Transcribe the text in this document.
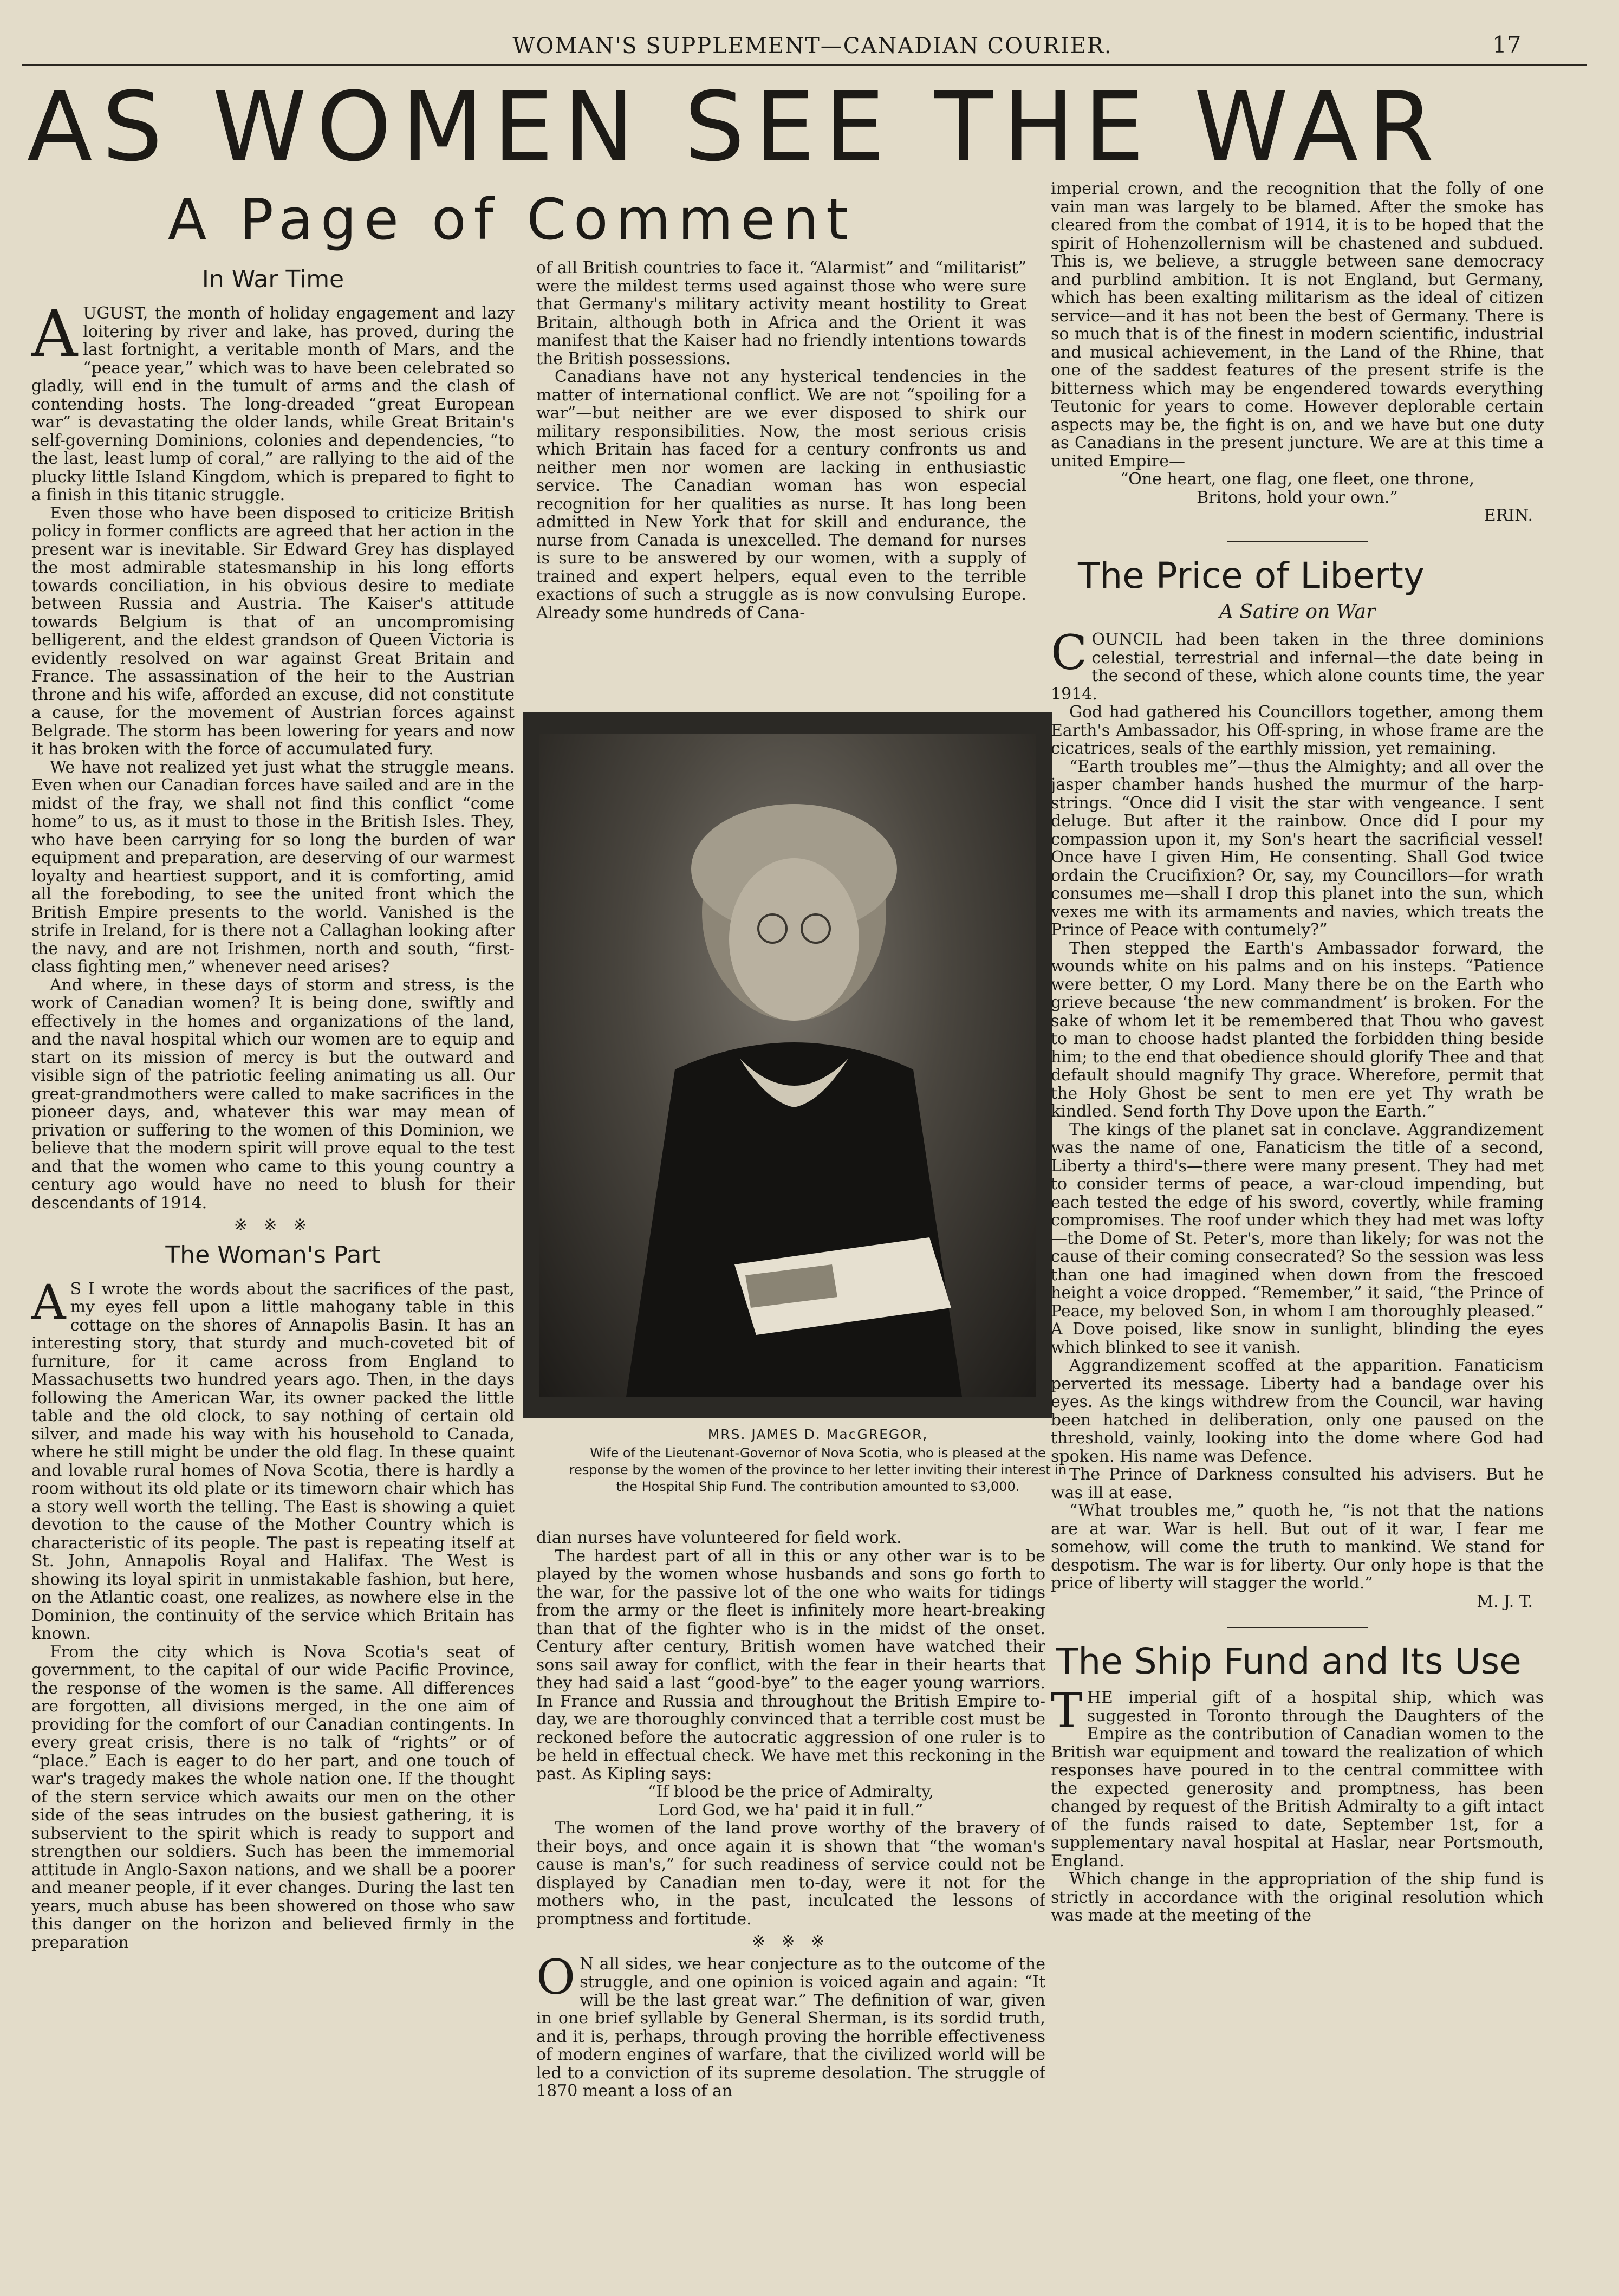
WOMAN'S SUPPLEMENT—CANADIAN COURIER.	17
AS WOMEN SEE THE WAR
A Page of Comment
In War Time

AUGUST, the month of holiday engagement and lazy loitering by river and lake, has proved, during the last fortnight, a veritable month of Mars, and the “peace year,” which was to have been celebrated so gladly, will end in the tumult of arms and the clash of contending hosts. The long-dreaded “great European war” is devastating the older lands, while Great Britain's self-governing Dominions, colonies and dependencies, “to the last, least lump of coral,” are rallying to the aid of the plucky little Island Kingdom, which is prepared to fight to a finish in this titanic struggle.

Even those who have been disposed to criticize British policy in former conflicts are agreed that her action in the present war is inevitable. Sir Edward Grey has displayed the most admirable statesmanship in his long efforts towards conciliation, in his obvious desire to mediate between Russia and Austria. The Kaiser's attitude towards Belgium is that of an uncompromising belligerent, and the eldest grandson of Queen Victoria is evidently resolved on war against Great Britain and France. The assassination of the heir to the Austrian throne and his wife, afforded an excuse, did not constitute a cause, for the movement of Austrian forces against Belgrade. The storm has been lowering for years and now it has broken with the force of accumulated fury.

We have not realized yet just what the struggle means. Even when our Canadian forces have sailed and are in the midst of the fray, we shall not find this conflict “come home” to us, as it must to those in the British Isles. They, who have been carrying for so long the burden of war equipment and preparation, are deserving of our warmest loyalty and heartiest support, and it is comforting, amid all the foreboding, to see the united front which the British Empire presents to the world. Vanished is the strife in Ireland, for is there not a Callaghan looking after the navy, and are not Irishmen, north and south, “first-class fighting men,” whenever need arises?

And where, in these days of storm and stress, is the work of Canadian women? It is being done, swiftly and effectively in the homes and organizations of the land, and the naval hospital which our women are to equip and start on its mission of mercy is but the outward and visible sign of the patriotic feeling animating us all. Our great-grandmothers were called to make sacrifices in the pioneer days, and, whatever this war may mean of privation or suffering to the women of this Dominion, we believe that the modern spirit will prove equal to the test and that the women who came to this young country a century ago would have no need to blush for their descendants of 1914.

※ ※ ※
The Woman's Part

A S I wrote the words about the sacrifices of the past, my eyes fell upon a little mahogany table in this cottage on the shores of Annapolis Basin. It has an interesting story, that sturdy and much-coveted bit of furniture, for it came across from England to Massachusetts two hundred years ago. Then, in the days following the American War, its owner packed the little table and the old clock, to say nothing of certain old silver, and made his way with his household to Canada, where he still might be under the old flag. In these quaint and lovable rural homes of Nova Scotia, there is hardly a room without its old plate or its timeworn chair which has a story well worth the telling. The East is showing a quiet devotion to the cause of the Mother Country which is characteristic of its people. The past is repeating itself at St. John, Annapolis Royal and Halifax. The West is showing its loyal spirit in unmistakable fashion, but here, on the Atlantic coast, one realizes, as nowhere else in the Dominion, the continuity of the service which Britain has known.

From the city which is Nova Scotia's seat of government, to the capital of our wide Pacific Province, the response of the women is the same. All differences are forgotten, all divisions merged, in the one aim of providing for the comfort of our Canadian contingents. In every great crisis, there is no talk of “rights” or of “place.” Each is eager to do her part, and one touch of war's tragedy makes the whole nation one. If the thought of the stern service which awaits our men on the other side of the seas intrudes on the busiest gathering, it is subservient to the spirit which is ready to support and strengthen our soldiers. Such has been the immemorial attitude in Anglo-Saxon nations, and we shall be a poorer and meaner people, if it ever changes. During the last ten years, much abuse has been showered on those who saw this danger on the horizon and believed firmly in the preparation

of all British countries to face it. “Alarmist” and “militarist” were the mildest terms used against those who were sure that Germany's military activity meant hostility to Great Britain, although both in Africa and the Orient it was manifest that the Kaiser had no friendly intentions towards the British possessions.

Canadians have not any hysterical tendencies in the matter of international conflict. We are not “spoiling for a war”—but neither are we ever disposed to shirk our military responsibilities. Now, the most serious crisis which Britain has faced for a century confronts us and neither men nor women are lacking in enthusiastic service. The Canadian woman has won especial recognition for her qualities as nurse. It has long been admitted in New York that for skill and endurance, the nurse from Canada is unexcelled. The demand for nurses is sure to be answered by our women, with a supply of trained and expert helpers, equal even to the terrible exactions of such a struggle as is now convulsing Europe. Already some hundreds of Cana-

MRS. JAMES D. MacGREGOR,
Wife of the Lieutenant-Governor of Nova Scotia, who is pleased at the response by the women of the province to her letter inviting their interest in the Hospital Ship Fund. The contribution amounted to $3,000.

dian nurses have volunteered for field work.

The hardest part of all in this or any other war is to be played by the women whose husbands and sons go forth to the war, for the passive lot of the one who waits for tidings from the army or the fleet is infinitely more heart-breaking than that of the fighter who is in the midst of the onset. Century after century, British women have watched their sons sail away for conflict, with the fear in their hearts that they had said a last “good-bye” to the eager young warriors. In France and Russia and throughout the British Empire to-day, we are thoroughly convinced that a terrible cost must be reckoned before the autocratic aggression of one ruler is to be held in effectual check. We have met this reckoning in the past. As Kipling says:

“If blood be the price of Admiralty,

Lord God, we ha' paid it in full.”

The women of the land prove worthy of the bravery of their boys, and once again it is shown that “the woman's cause is man's,” for such readiness of service could not be displayed by Canadian men to-day, were it not for the mothers who, in the past, inculcated the lessons of promptness and fortitude.

※ ※ ※

O N all sides, we hear conjecture as to the outcome of the struggle, and one opinion is voiced again and again: “It will be the last great war.” The definition of war, given in one brief syllable by General Sherman, is its sordid truth, and it is, perhaps, through proving the horrible effectiveness of modern engines of warfare, that the civilized world will be led to a conviction of its supreme desolation. The struggle of 1870 meant a loss of an

imperial crown, and the recognition that the folly of one vain man was largely to be blamed. After the smoke has cleared from the combat of 1914, it is to be hoped that the spirit of Hohenzollernism will be chastened and subdued. This is, we believe, a struggle between sane democracy and purblind ambition. It is not England, but Germany, which has been exalting militarism as the ideal of citizen service—and it has not been the best of Germany. There is so much that is of the finest in modern scientific, industrial and musical achievement, in the Land of the Rhine, that one of the saddest features of the present strife is the bitterness which may be engendered towards everything Teutonic for years to come. However deplorable certain aspects may be, the fight is on, and we have but one duty as Canadians in the present juncture. We are at this time a united Empire—

“One heart, one flag, one fleet, one throne,

Britons, hold your own.”

ERIN.

The Price of Liberty
A Satire on War

COUNCIL had been taken in the three dominions celestial, terrestrial and infernal—the date being in the second of these, which alone counts time, the year 1914.

God had gathered his Councillors together, among them Earth's Ambassador, his Off-spring, in whose frame are the cicatrices, seals of the earthly mission, yet remaining.

“Earth troubles me”—thus the Almighty; and all over the jasper chamber hands hushed the murmur of the harp-strings. “Once did I visit the star with vengeance. I sent deluge. But after it the rainbow. Once did I pour my compassion upon it, my Son's heart the sacrificial vessel! Once have I given Him, He consenting. Shall God twice ordain the Crucifixion? Or, say, my Councillors—for wrath consumes me—shall I drop this planet into the sun, which vexes me with its armaments and navies, which treats the Prince of Peace with contumely?”

Then stepped the Earth's Ambassador forward, the wounds white on his palms and on his insteps. “Patience were better, O my Lord. Many there be on the Earth who grieve because ‘the new commandment’ is broken. For the sake of whom let it be remembered that Thou who gavest to man to choose hadst planted the forbidden thing beside him; to the end that obedience should glorify Thee and that default should magnify Thy grace. Wherefore, permit that the Holy Ghost be sent to men ere yet Thy wrath be kindled. Send forth Thy Dove upon the Earth.”

The kings of the planet sat in conclave. Aggrandizement was the name of one, Fanaticism the title of a second, Liberty a third's—there were many present. They had met to consider terms of peace, a war-cloud impending, but each tested the edge of his sword, covertly, while framing compromises. The roof under which they had met was lofty—the Dome of St. Peter's, more than likely; for was not the cause of their coming consecrated? So the session was less than one had imagined when down from the frescoed height a voice dropped. “Remember,” it said, “the Prince of Peace, my beloved Son, in whom I am thoroughly pleased.” A Dove poised, like snow in sunlight, blinding the eyes which blinked to see it vanish.

Aggrandizement scoffed at the apparition. Fanaticism perverted its message. Liberty had a bandage over his eyes. As the kings withdrew from the Council, war having been hatched in deliberation, only one paused on the threshold, vainly, looking into the dome where God had spoken. His name was Defence.

The Prince of Darkness consulted his advisers. But he was ill at ease.

“What troubles me,” quoth he, “is not that the nations are at war. War is hell. But out of it war, I fear me somehow, will come the truth to mankind. We stand for despotism. The war is for liberty. Our only hope is that the price of liberty will stagger the world.”

M. J. T.

The Ship Fund and Its Use

THE imperial gift of a hospital ship, which was suggested in Toronto through the Daughters of the Empire as the contribution of Canadian women to the British war equipment and toward the realization of which responses have poured in to the central committee with the expected generosity and promptness, has been changed by request of the British Admiralty to a gift intact of the funds raised to date, September 1st, for a supplementary naval hospital at Haslar, near Portsmouth, England.

Which change in the appropriation of the ship fund is strictly in accordance with the original resolution which was made at the meeting of the
